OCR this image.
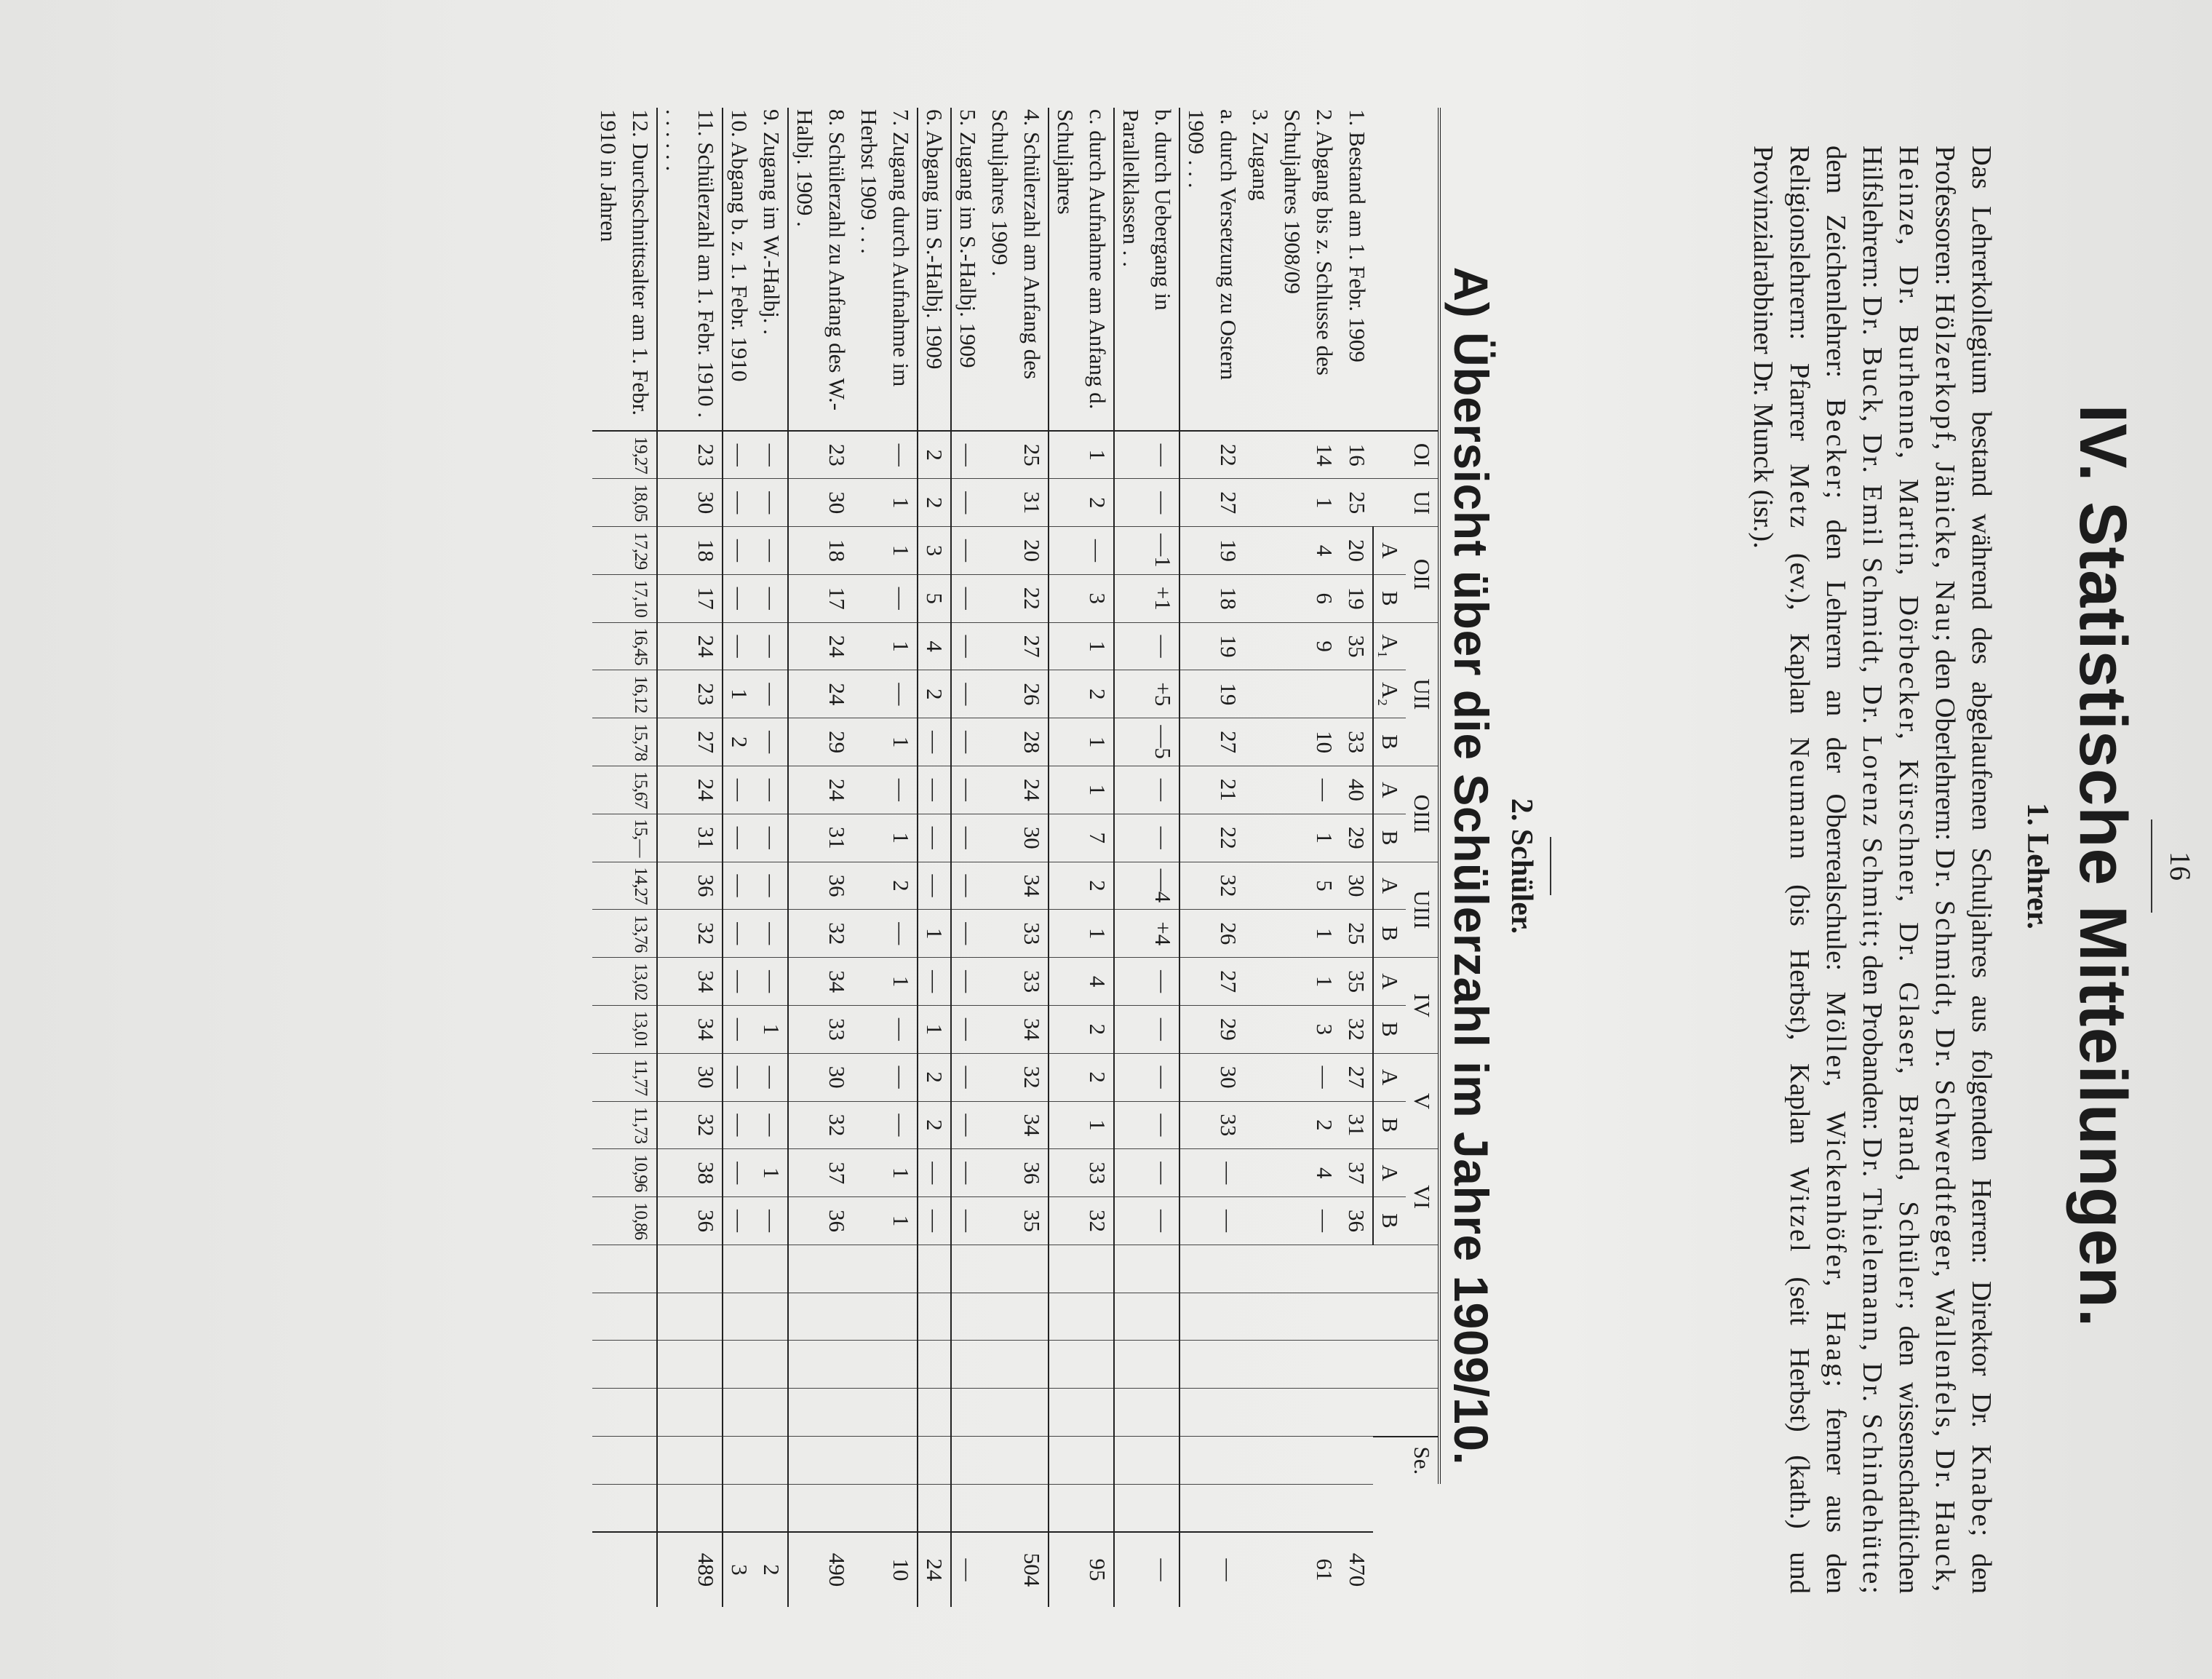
16
IV. Statistische Mitteilungen.
1. Lehrer.
Das Lehrerkollegium bestand während des abgelaufenen Schuljahres aus folgenden Herren: Direktor Dr. Knabe; den Professoren: Hölzerkopf, Jänicke, Nau; den Oberlehrern: Dr. Schmidt, Dr. Schwerdtfeger, Wallenfels, Dr. Hauck, Heinze, Dr. Burhenne, Martin, Dörbecker, Kürschner, Dr. Glaser, Brand, Schüler; den wissenschaftlichen Hilfslehrern: Dr. Buck, Dr. Emil Schmidt, Dr. Lorenz Schmitt; den Probanden: Dr. Thielemann, Dr. Schindehütte; dem Zeichenlehrer: Becker; den Lehrern an der Oberrealschule: Möller, Wickenhöfer, Haag; ferner aus den Religionslehrern: Pfarrer Metz (ev.), Kaplan Neumann (bis Herbst), Kaplan Witzel (seit Herbst) (kath.) und Provinzialrabbiner Dr. Munck (isr.).
2. Schüler.
A) Übersicht über die Schülerzahl im Jahre 1909/10.
	OI	UI	OII		UII			OIII		UIII		IV		V		VI						Se.		
			A	B	A₁	A₂	B	A	B	A	B	A	B	A	B	A	B							
1. Bestand am 1. Febr. 1909	16	25	20	19	35		33	40	29	30	25	35	32	27	31	37	36							470
2. Abgang bis z. Schlusse des Schuljahres 1908/09	14	1	4	6	9		10	—	1	5	1	1	3	—	2	4	—							61
3. Zugang																								
a. durch Versetzung zu Ostern 1909 . . .	22	27	19	18	19	19	27	21	22	32	26	27	29	30	33	—	—							—
b. durch Uebergang in Parallelklassen . .	—	—	—1	+1	—	+5	—5	—	—	—4	+4	—	—	—	—	—	—							—
c. durch Aufnahme am Anfang d. Schuljahres	1	2	—	3	1	2	1	1	7	2	1	4	2	2	1	33	32							95
4. Schülerzahl am Anfang des Schuljahres 1909 .	25	31	20	22	27	26	28	24	30	34	33	33	34	32	34	36	35							504
5. Zugang im S.-Halbj. 1909	—	—	—	—	—	—	—	—	—	—	—	—	—	—	—	—	—							—
6. Abgang im S.-Halbj. 1909	2	2	3	5	4	2	—	—	—	—	1	—	1	2	2	—	—							24
7. Zugang durch Aufnahme im Herbst 1909 . . .	—	1	1	—	1	—	1	—	1	2	—	1	—	—	—	1	1							10
8. Schülerzahl zu Anfang des W.-Halbj. 1909 .	23	30	18	17	24	24	29	24	31	36	32	34	33	30	32	37	36							490
9. Zugang im W.-Halbj. .	—	—	—	—	—	—	—	—	—	—	—	—	1	—	—	1	—							2
10. Abgang b. z. 1. Febr. 1910	—	—	—	—	—	1	2	—	—	—	—	—	—	—	—	—	—							3
11. Schülerzahl am 1. Febr. 1910 . . . . . . .	23	30	18	17	24	23	27	24	31	36	32	34	34	30	32	38	36							489
12. Durchschnittsalter am 1. Febr. 1910 in Jahren	19,27	18,05	17,29	17,10	16,45	16,12	15,78	15,67	15,—	14,27	13,76	13,02	13,01	11,77	11,73	10,96	10,86							
